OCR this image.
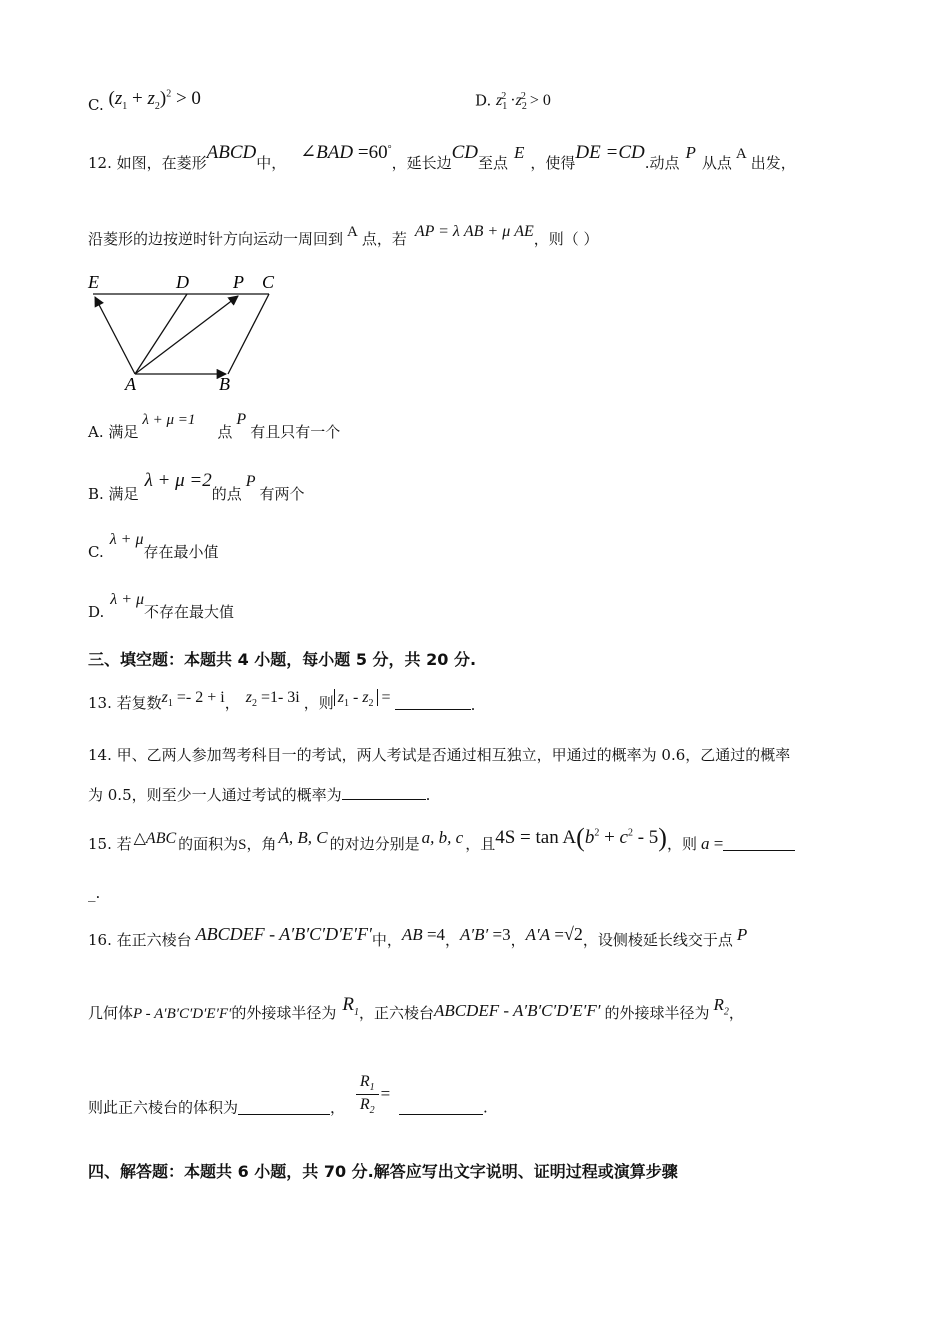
C. $(z_1 + z_2)^2 > 0$	D. $z_1^2 \cdot z_2^2 > 0$
12. 如图，在菱形ABCD中， ∠BAD =60°，延长边CD至点E，使得DE =CD.动点P从点 A 出发，
沿菱形的边按逆时针方向运动一周回到 A 点，若 AP = λ AB + μ AE，则（ ）
E	D P C
A	B
A. 满足λ + μ =1点P有且只有一个
B. 满足λ + μ =2的点P有两个
C.λ + μ存在最小值
D.λ + μ不存在最大值
三、填空题：本题共 4 小题，每小题 5 分，共 20 分.
13. 若复数$z_1 =- 2 + i$， $z_2 =1-$ 3i ，则 $z_1 - z_2$ =	.
14. 甲、乙两人参加驾考科目一的考试，两人考试是否通过相互独立，甲通过的概率为 0.6，乙通过的概率
为 0.5，则至少一人通过考试的概率为	.
15. 若 △ABC 的面积为S，角 A, B, C 的对边分别是 a, b, c ，且$4S = \tan A(b^2 + c^2 - 5)$，则 a =
_.
16. 在正六棱台 ABCDEF - A′B′C′D′E′F′中，AB =4，A′B′ =3，A′A =√2，设侧棱延长线交于点 P
几何体P - A′B′C′D′E′F′的外接球半径为 $R_1$，正六棱台ABCDEF - A′B′C′D′E′F′ 的外接球半径为 $R_2$，
则此正六棱台的体积为	， $\frac{R_1}{R_2}$ = .
四、解答题：本题共 6 小题，共 70 分.解答应写出文字说明、证明过程或演算步骤
